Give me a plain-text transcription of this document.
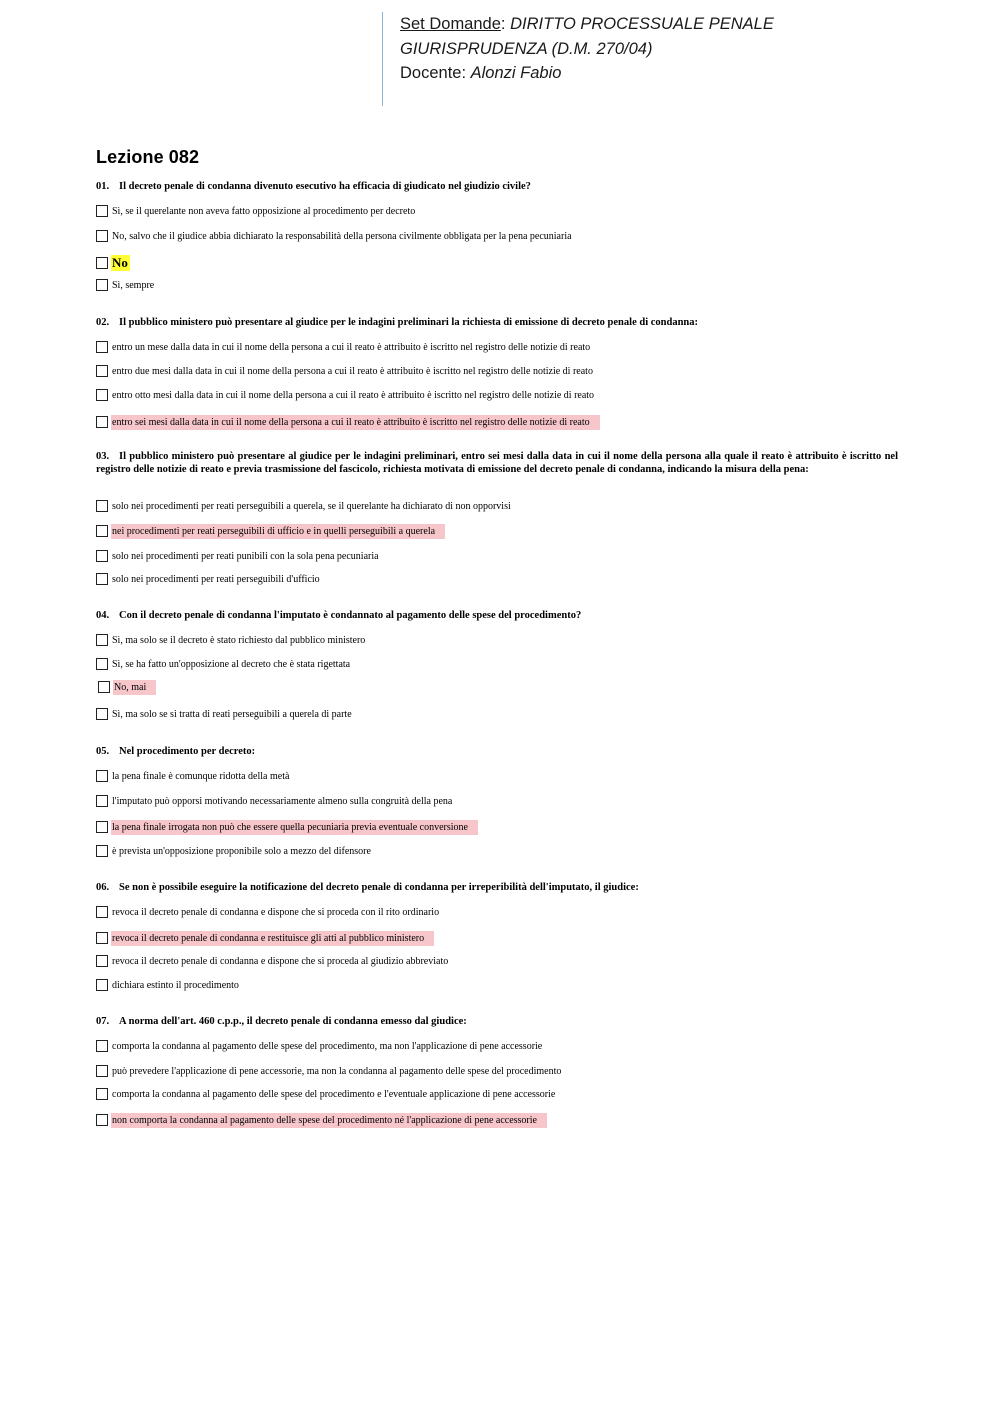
Set Domande: DIRITTO PROCESSUALE PENALE
GIURISPRUDENZA (D.M. 270/04)
Docente: Alonzi Fabio
Lezione 082
01. Il decreto penale di condanna divenuto esecutivo ha efficacia di giudicato nel giudizio civile?
Sì, se il querelante non aveva fatto opposizione al procedimento per decreto
No, salvo che il giudice abbia dichiarato la responsabilità della persona civilmente obbligata per la pena pecuniaria
No
Sì, sempre
02. Il pubblico ministero può presentare al giudice per le indagini preliminari la richiesta di emissione di decreto penale di condanna:
entro un mese dalla data in cui il nome della persona a cui il reato è attribuito è iscritto nel registro delle notizie di reato
entro due mesi dalla data in cui il nome della persona a cui il reato è attribuito è iscritto nel registro delle notizie di reato
entro otto mesi dalla data in cui il nome della persona a cui il reato è attribuito è iscritto nel registro delle notizie di reato
entro sei mesi dalla data in cui il nome della persona a cui il reato è attribuito è iscritto nel registro delle notizie di reato
03. Il pubblico ministero può presentare al giudice per le indagini preliminari, entro sei mesi dalla data in cui il nome della persona alla quale il reato è attribuito è iscritto nel registro delle notizie di reato e previa trasmissione del fascicolo, richiesta motivata di emissione del decreto penale di condanna, indicando la misura della pena:
solo nei procedimenti per reati perseguibili a querela, se il querelante ha dichiarato di non opporvisi
nei procedimenti per reati perseguibili di ufficio e in quelli perseguibili a querela
solo nei procedimenti per reati punibili con la sola pena pecuniaria
solo nei procedimenti per reati perseguibili d'ufficio
04. Con il decreto penale di condanna l'imputato è condannato al pagamento delle spese del procedimento?
Sì, ma solo se il decreto è stato richiesto dal pubblico ministero
Sì, se ha fatto un'opposizione al decreto che è stata rigettata
No, mai
Sì, ma solo se si tratta di reati perseguibili a querela di parte
05. Nel procedimento per decreto:
la pena finale è comunque ridotta della metà
l'imputato può opporsi motivando necessariamente almeno sulla congruità della pena
la pena finale irrogata non può che essere quella pecuniaria previa eventuale conversione
è prevista un'opposizione proponibile solo a mezzo del difensore
06. Se non è possibile eseguire la notificazione del decreto penale di condanna per irreperibilità dell'imputato, il giudice:
revoca il decreto penale di condanna e dispone che si proceda con il rito ordinario
revoca il decreto penale di condanna e restituisce gli atti al pubblico ministero
revoca il decreto penale di condanna e dispone che si proceda al giudizio abbreviato
dichiara estinto il procedimento
07. A norma dell'art. 460 c.p.p., il decreto penale di condanna emesso dal giudice:
comporta la condanna al pagamento delle spese del procedimento, ma non l'applicazione di pene accessorie
può prevedere l'applicazione di pene accessorie, ma non la condanna al pagamento delle spese del procedimento
comporta la condanna al pagamento delle spese del procedimento e l'eventuale applicazione di pene accessorie
non comporta la condanna al pagamento delle spese del procedimento né l'applicazione di pene accessorie
